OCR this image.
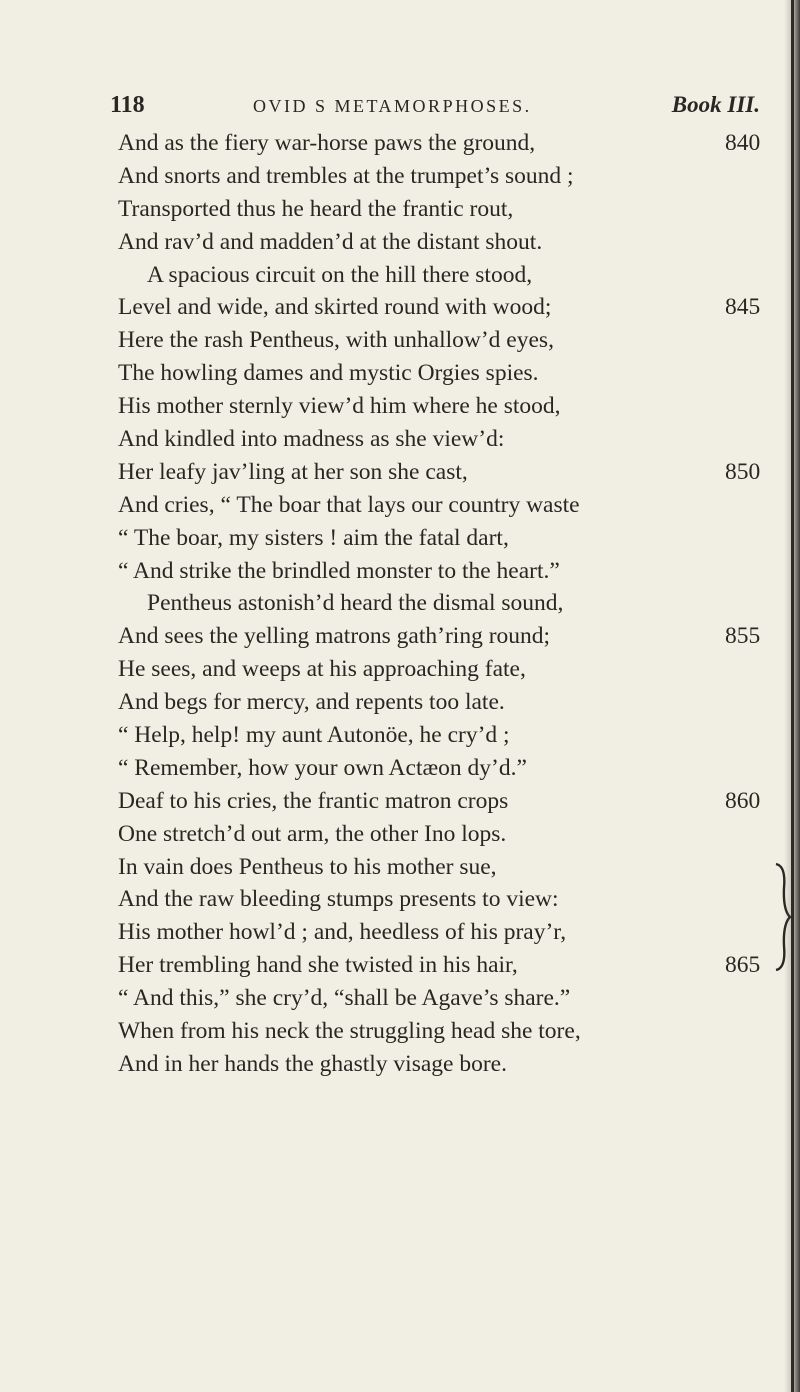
118	OVID S METAMORPHOSES.	Book III.
And as the fiery war-horse paws the ground,	840
And snorts and trembles at the trumpet’s sound ;
Transported thus he heard the frantic rout,
And rav’d and madden’d at the distant shout.
A spacious circuit on the hill there stood,
Level and wide, and skirted round with wood;	845
Here the rash Pentheus, with unhallow’d eyes,
The howling dames and mystic Orgies spies.
His mother sternly view’d him where he stood,
And kindled into madness as she view’d:
Her leafy jav’ling at her son she cast,	850
And cries, “ The boar that lays our country waste
“ The boar, my sisters ! aim the fatal dart,
“ And strike the brindled monster to the heart.”
Pentheus astonish’d heard the dismal sound,
And sees the yelling matrons gath’ring round;	855
He sees, and weeps at his approaching fate,
And begs for mercy, and repents too late.
“ Help, help! my aunt Autonöe, he cry’d ;
“ Remember, how your own Actæon dy’d.”
Deaf to his cries, the frantic matron crops	860
One stretch’d out arm, the other Ino lops.
In vain does Pentheus to his mother sue,
And the raw bleeding stumps presents to view:
His mother howl’d ; and, heedless of his pray’r,
Her trembling hand she twisted in his hair,	865
“ And this,” she cry’d, “shall be Agave’s share.”
When from his neck the struggling head she tore,
And in her hands the ghastly visage bore.
